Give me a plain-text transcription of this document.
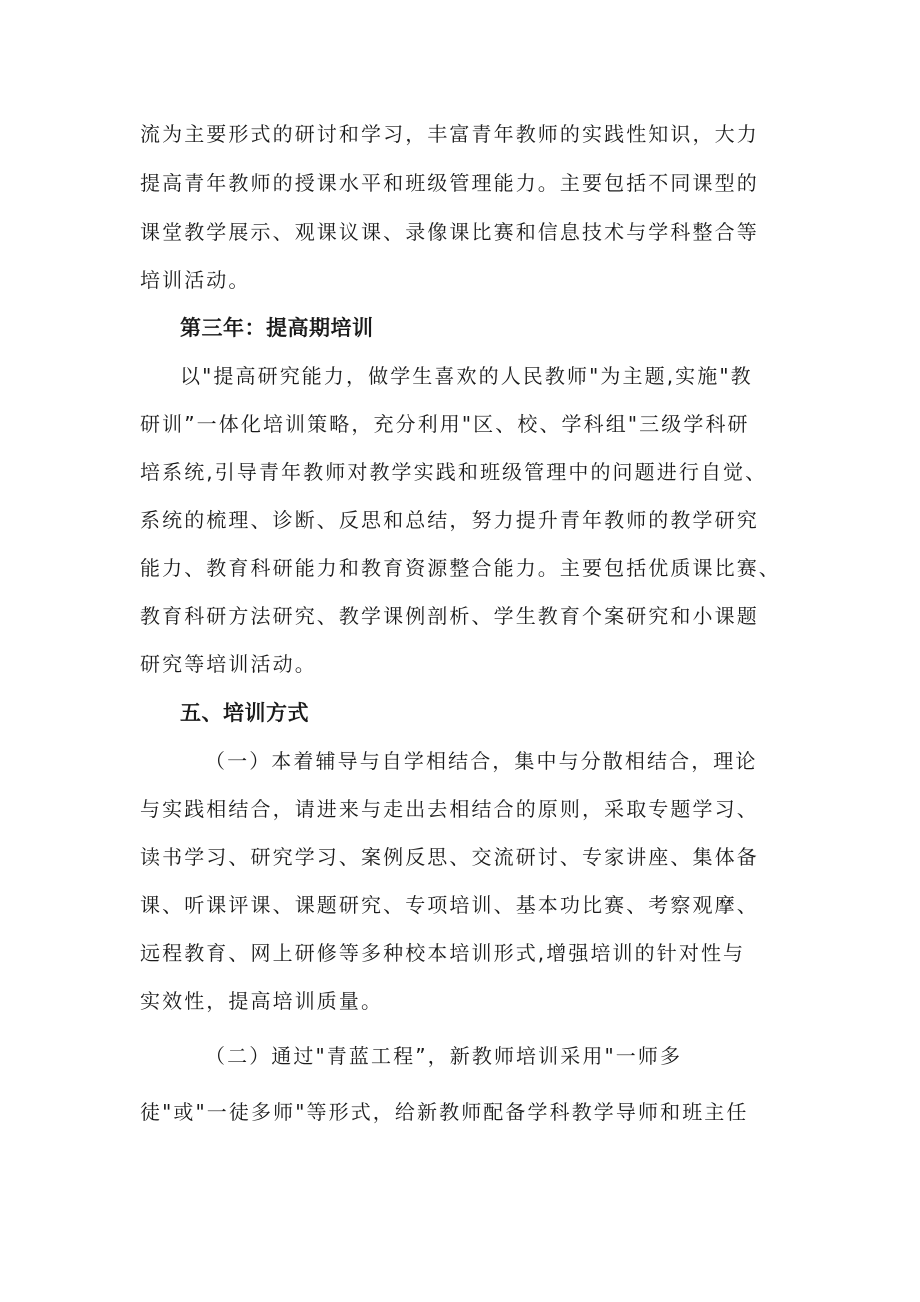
流为主要形式的研讨和学习，丰富青年教师的实践性知识，大力
提高青年教师的授课水平和班级管理能力。主要包括不同课型的
课堂教学展示、观课议课、录像课比赛和信息技术与学科整合等
培训活动。
第三年：提高期培训
以"提高研究能力，做学生喜欢的人民教师"为主题,实施"教
研训”一体化培训策略，充分利用"区、校、学科组"三级学科研
培系统,引导青年教师对教学实践和班级管理中的问题进行自觉、
系统的梳理、诊断、反思和总结，努力提升青年教师的教学研究
能力、教育科研能力和教育资源整合能力。主要包括优质课比赛、
教育科研方法研究、教学课例剖析、学生教育个案研究和小课题
研究等培训活动。
五、培训方式
（一）本着辅导与自学相结合，集中与分散相结合，理论
与实践相结合，请进来与走出去相结合的原则，采取专题学习、
读书学习、研究学习、案例反思、交流研讨、专家讲座、集体备
课、听课评课、课题研究、专项培训、基本功比赛、考察观摩、
远程教育、网上研修等多种校本培训形式,增强培训的针对性与
实效性，提高培训质量。
（二）通过"青蓝工程”，新教师培训采用"一师多
徒"或"一徒多师"等形式，给新教师配备学科教学导师和班主任
